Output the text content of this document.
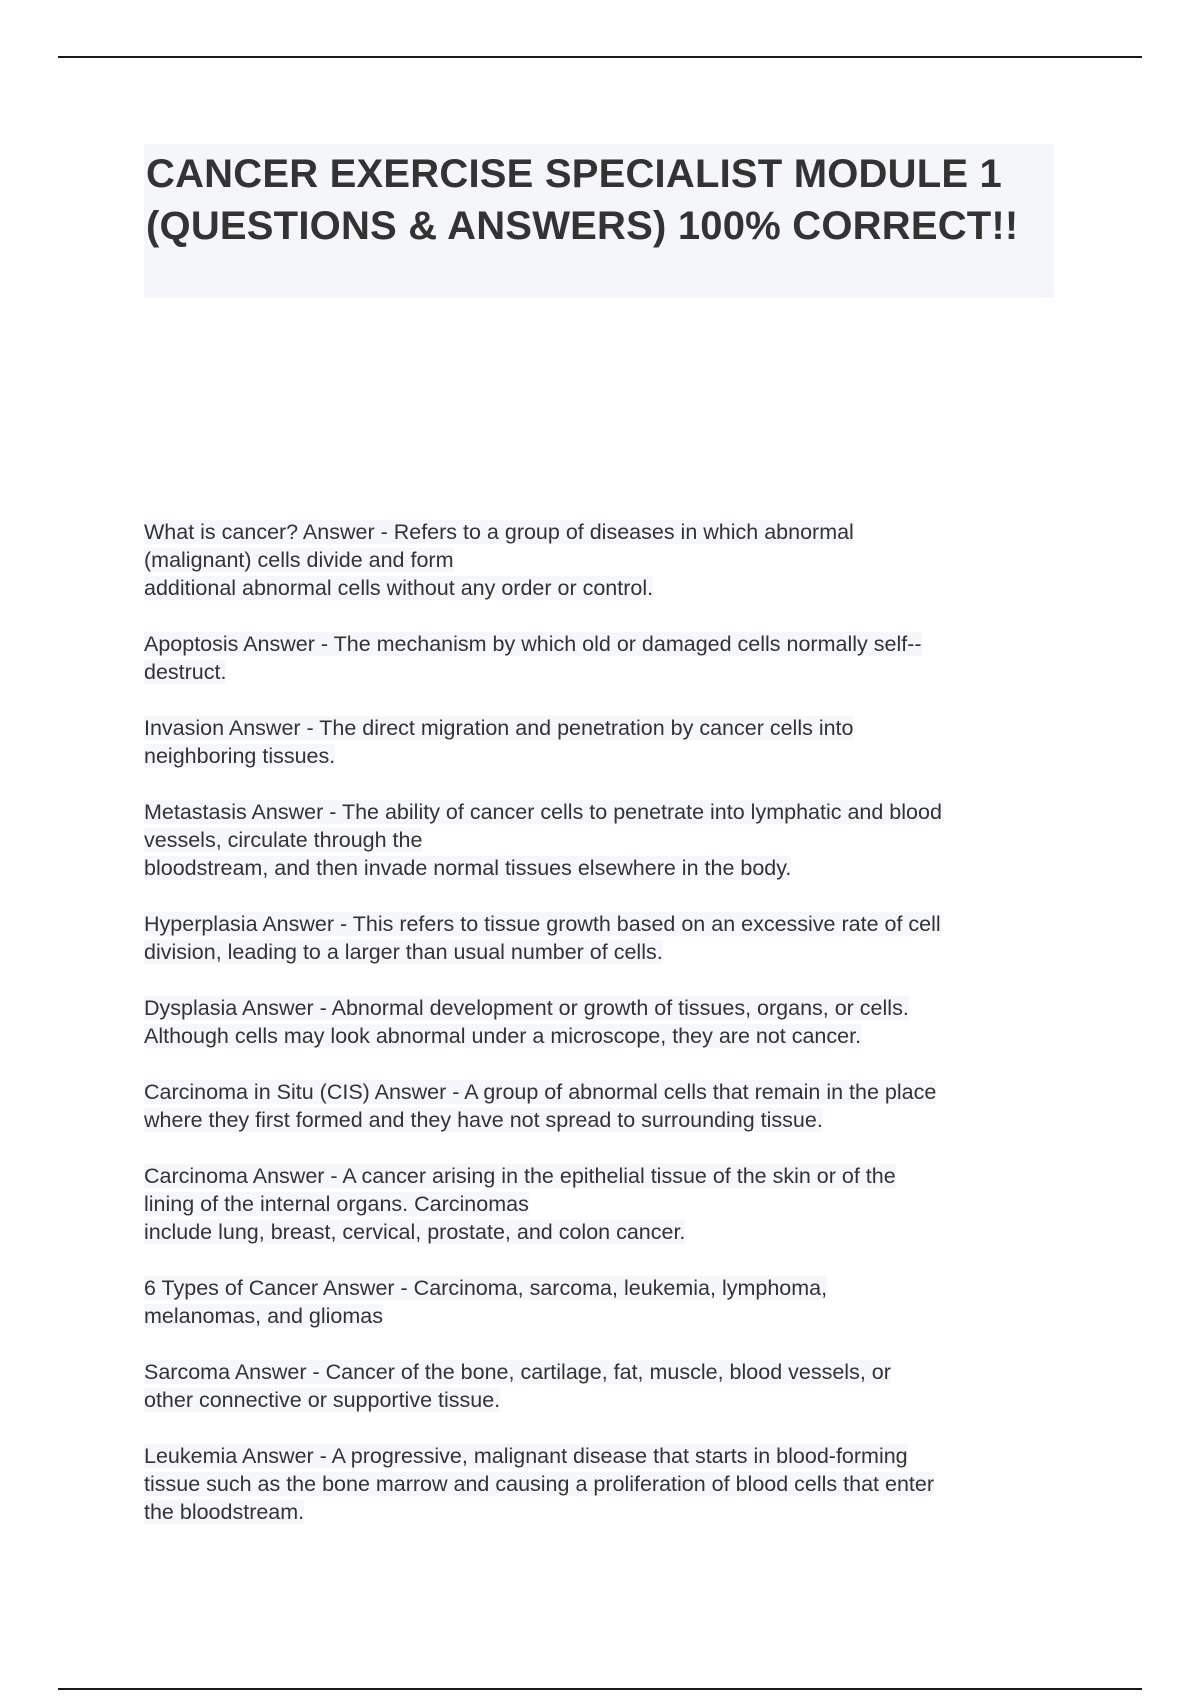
CANCER EXERCISE SPECIALIST MODULE 1 (QUESTIONS & ANSWERS) 100% CORRECT!!
What is cancer? Answer - Refers to a group of diseases in which abnormal
(malignant) cells divide and form
additional abnormal cells without any order or control.
Apoptosis Answer - The mechanism by which old or damaged cells normally self--
destruct.
Invasion Answer - The direct migration and penetration by cancer cells into
neighboring tissues.
Metastasis Answer - The ability of cancer cells to penetrate into lymphatic and blood
vessels, circulate through the
bloodstream, and then invade normal tissues elsewhere in the body.
Hyperplasia Answer - This refers to tissue growth based on an excessive rate of cell
division, leading to a larger than usual number of cells.
Dysplasia Answer - Abnormal development or growth of tissues, organs, or cells.
Although cells may look abnormal under a microscope, they are not cancer.
Carcinoma in Situ (CIS) Answer - A group of abnormal cells that remain in the place
where they first formed and they have not spread to surrounding tissue.
Carcinoma Answer - A cancer arising in the epithelial tissue of the skin or of the
lining of the internal organs. Carcinomas
include lung, breast, cervical, prostate, and colon cancer.
6 Types of Cancer Answer - Carcinoma, sarcoma, leukemia, lymphoma,
melanomas, and gliomas
Sarcoma Answer - Cancer of the bone, cartilage, fat, muscle, blood vessels, or
other connective or supportive tissue.
Leukemia Answer - A progressive, malignant disease that starts in blood-forming
tissue such as the bone marrow and causing a proliferation of blood cells that enter
the bloodstream.
